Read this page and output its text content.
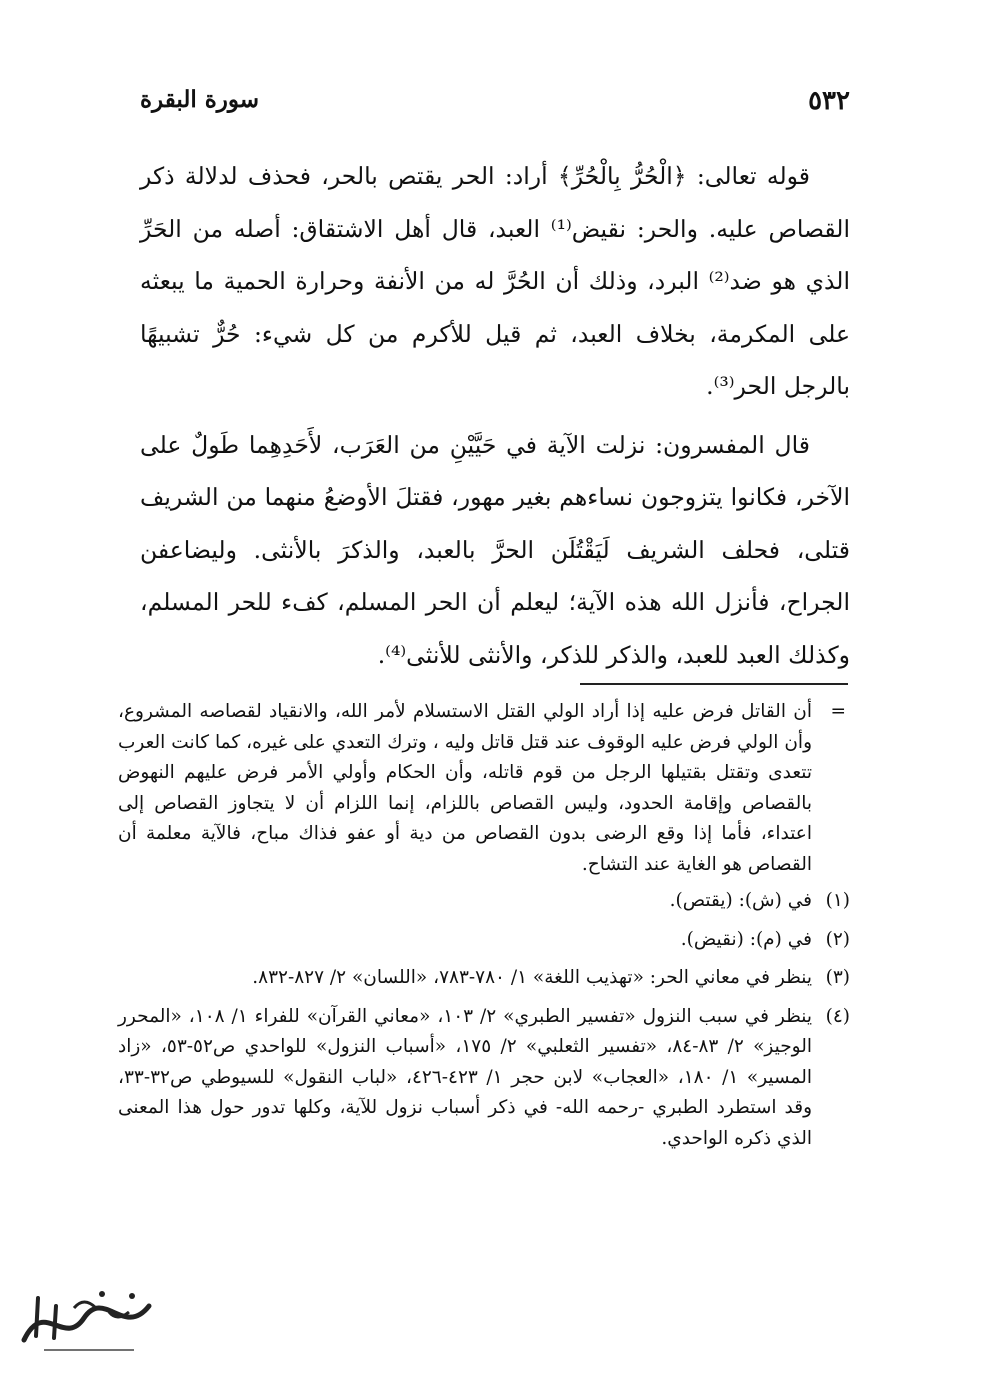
٥٣٢
سورة البقرة

قوله تعالى: ﴿الْحُرُّ بِالْحُرِّ﴾ أراد: الحر يقتص بالحر، فحذف لدلالة ذكر القصاص عليه. والحر: نقيض⁽¹⁾ العبد، قال أهل الاشتقاق: أصله من الحَرِّ الذي هو ضد⁽²⁾ البرد، وذلك أن الحُرَّ له من الأنفة وحرارة الحمية ما يبعثه على المكرمة، بخلاف العبد، ثم قيل للأكرم من كل شيء: حُرٌّ تشبيهًا بالرجل الحر⁽³⁾.

قال المفسرون: نزلت الآية في حَيَّيْنِ من العَرَب، لأَحَدِهِما طَولٌ على الآخر، فكانوا يتزوجون نساءهم بغير مهور، فقتلَ الأوضعُ منهما من الشريف قتلى، فحلف الشريف لَيَقْتُلَن الحرَّ بالعبد، والذكرَ بالأنثى. وليضاعفن الجراح، فأنزل الله هذه الآية؛ ليعلم أن الحر المسلم، كفء للحر المسلم، وكذلك العبد للعبد، والذكر للذكر، والأنثى للأنثى⁽⁴⁾.

=
أن القاتل فرض عليه إذا أراد الولي القتل الاستسلام لأمر الله، والانقياد لقصاصه المشروع، وأن الولي فرض عليه الوقوف عند قتل قاتل وليه ، وترك التعدي على غيره، كما كانت العرب تتعدى وتقتل بقتيلها الرجل من قوم قاتله، وأن الحكام وأولي الأمر فرض عليهم النهوض بالقصاص وإقامة الحدود، وليس القصاص باللزام، إنما اللزام أن لا يتجاوز القصاص إلى اعتداء، فأما إذا وقع الرضى بدون القصاص من دية أو عفو فذاك مباح، فالآية معلمة أن القصاص هو الغاية عند التشاح.
(١)
في (ش): (يقتص).
(٢)
في (م): (نقيض).
(٣)
ينظر في معاني الحر: «تهذيب اللغة» ١/ ٧٨٠-٧٨٣، «اللسان» ٢/ ٨٢٧-٨٣٢.
(٤)
ينظر في سبب النزول «تفسير الطبري» ٢/ ١٠٣، «معاني القرآن» للفراء ١/ ١٠٨، «المحرر الوجيز» ٢/ ٨٣-٨٤، «تفسير الثعلبي» ٢/ ١٧٥، «أسباب النزول» للواحدي ص٥٢-٥٣، «زاد المسير» ١/ ١٨٠، «العجاب» لابن حجر ١/ ٤٢٣-٤٢٦، «لباب النقول» للسيوطي ص٣٢-٣٣، وقد استطرد الطبري -رحمه الله- في ذكر أسباب نزول للآية، وكلها تدور حول هذا المعنى الذي ذكره الواحدي.
